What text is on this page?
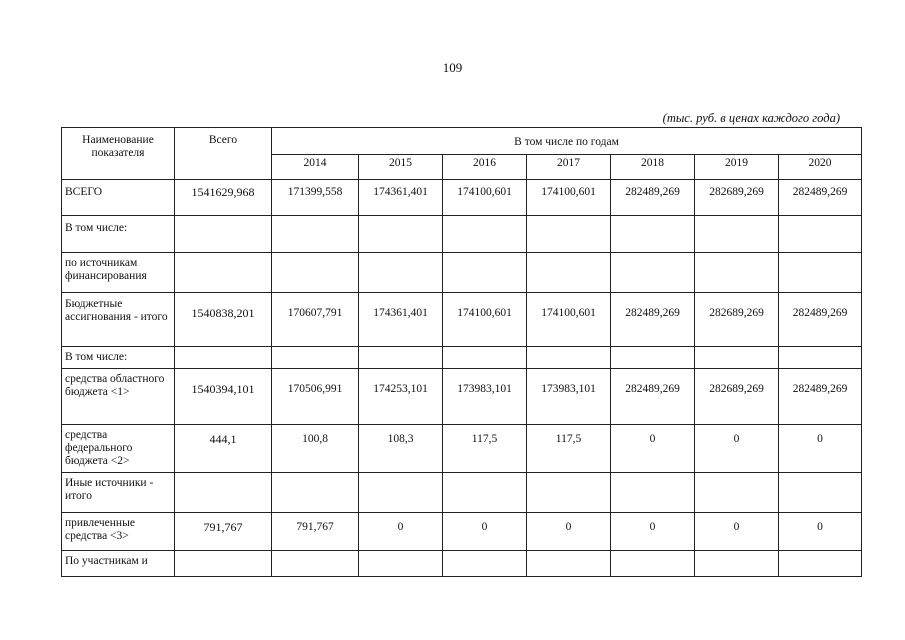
109
(тыс. руб. в ценах каждого года)
Наименование показателя	Всего	В том числе по годам						
		2014	2015	2016	2017	2018	2019	2020
ВСЕГО	1541629,968	171399,558	174361,401	174100,601	174100,601	282489,269	282689,269	282489,269
В том числе:								
по источникам финансирования								
Бюджетные ассигнования - итого	1540838,201	170607,791	174361,401	174100,601	174100,601	282489,269	282689,269	282489,269
В том числе:								
средства областного бюджета <1>	1540394,101	170506,991	174253,101	173983,101	173983,101	282489,269	282689,269	282489,269
средства федерального бюджета <2>	444,1	100,8	108,3	117,5	117,5	0	0	0
Иные источники - итого								
привлеченные средства <3>	791,767	791,767	0	0	0	0	0	0
По участникам и								
